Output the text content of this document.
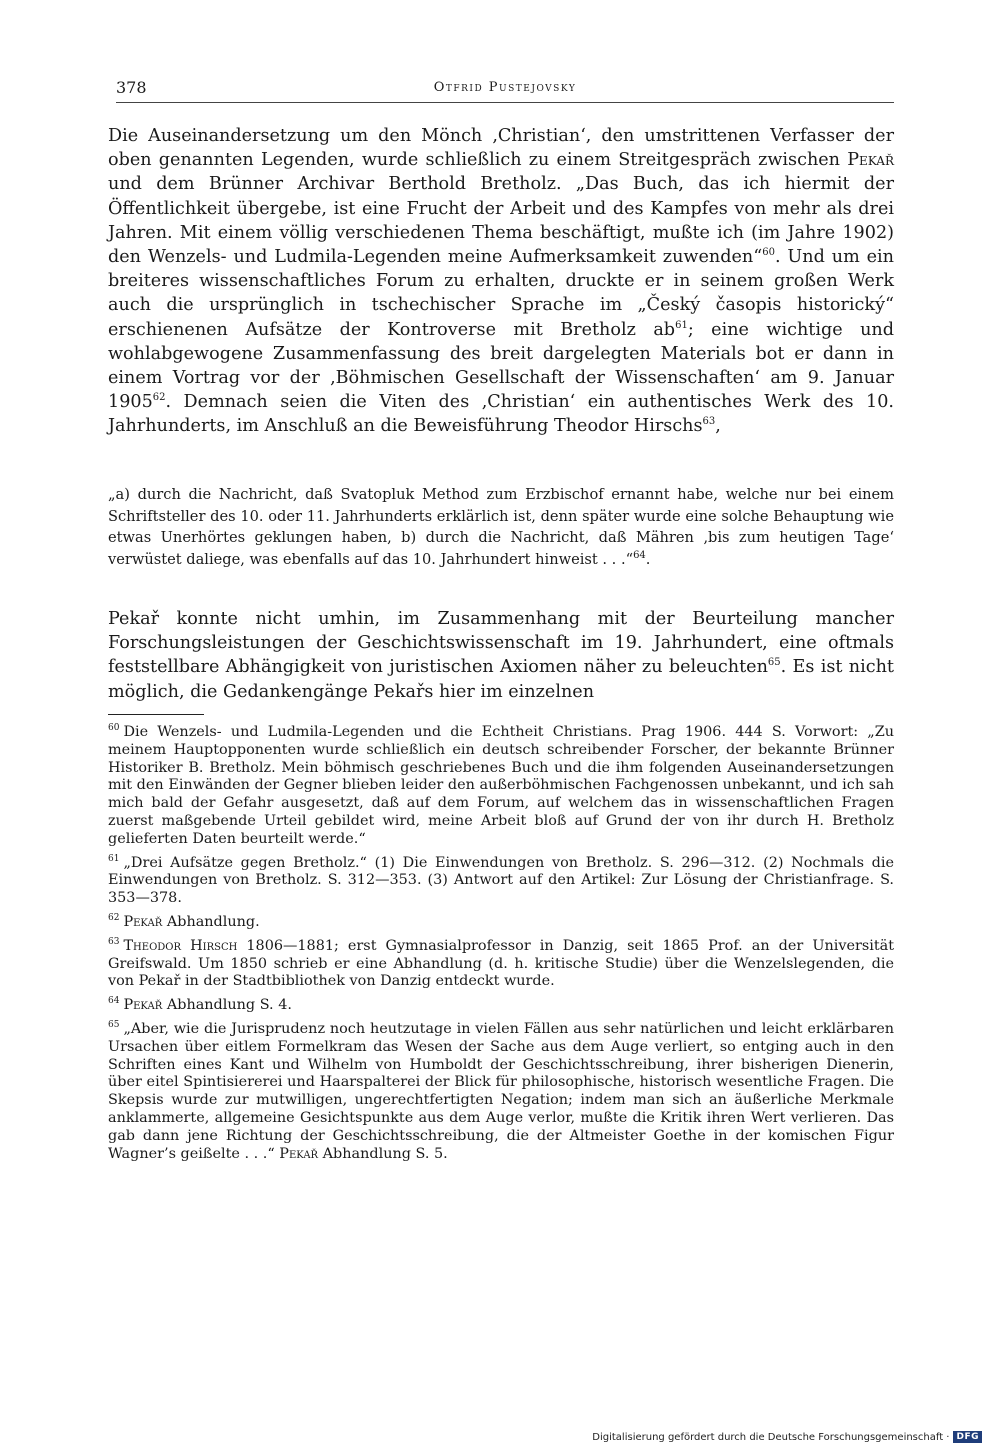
378	Otfrid Pustejovsky

Die Auseinandersetzung um den Mönch ‚Christian‘, den umstrittenen Verfasser der oben genannten Legenden, wurde schließlich zu einem Streitgespräch zwischen Pekař und dem Brünner Archivar Berthold Bretholz. „Das Buch, das ich hiermit der Öffentlichkeit übergebe, ist eine Frucht der Arbeit und des Kampfes von mehr als drei Jahren. Mit einem völlig verschiedenen Thema beschäftigt, mußte ich (im Jahre 1902) den Wenzels- und Ludmila-Legenden meine Aufmerksamkeit zuwenden“$^{60}$. Und um ein breiteres wissenschaftliches Forum zu erhalten, druckte er in seinem großen Werk auch die ursprünglich in tschechischer Sprache im „Český časopis historický“ erschienenen Aufsätze der Kontroverse mit Bretholz ab$^{61}$; eine wichtige und wohlabgewogene Zusammenfassung des breit dargelegten Materials bot er dann in einem Vortrag vor der ‚Böhmischen Gesellschaft der Wissenschaften‘ am 9. Januar 1905$^{62}$. Demnach seien die Viten des ‚Christian‘ ein authentisches Werk des 10. Jahrhunderts, im Anschluß an die Beweisführung Theodor Hirschs$^{63}$,

„a) durch die Nachricht, daß Svatopluk Method zum Erzbischof ernannt habe, welche nur bei einem Schriftsteller des 10. oder 11. Jahrhunderts erklärlich ist, denn später wurde eine solche Behauptung wie etwas Unerhörtes geklungen haben, b) durch die Nachricht, daß Mähren ‚bis zum heutigen Tage‘ verwüstet daliege, was ebenfalls auf das 10. Jahrhundert hinweist . . .“$^{64}$.
Pekař konnte nicht umhin, im Zusammenhang mit der Beurteilung mancher Forschungsleistungen der Geschichtswissenschaft im 19. Jahrhundert, eine oftmals feststellbare Abhängigkeit von juristischen Axiomen näher zu beleuchten$^{65}$. Es ist nicht möglich, die Gedankengänge Pekařs hier im einzelnen

$^{60}$ Die Wenzels- und Ludmila-Legenden und die Echtheit Christians. Prag 1906. 444 S. Vorwort: „Zu meinem Hauptopponenten wurde schließlich ein deutsch schreibender Forscher, der bekannte Brünner Historiker B. Bretholz. Mein böhmisch geschriebenes Buch und die ihm folgenden Auseinandersetzungen mit den Einwänden der Gegner blieben leider den außerböhmischen Fachgenossen unbekannt, und ich sah mich bald der Gefahr ausgesetzt, daß auf dem Forum, auf welchem das in wissenschaftlichen Fragen zuerst maßgebende Urteil gebildet wird, meine Arbeit bloß auf Grund der von ihr durch H. Bretholz gelieferten Daten beurteilt werde.“

$^{61}$ „Drei Aufsätze gegen Bretholz.“ (1) Die Einwendungen von Bretholz. S. 296—312. (2) Nochmals die Einwendungen von Bretholz. S. 312—353. (3) Antwort auf den Artikel: Zur Lösung der Christianfrage. S. 353—378.

$^{62}$ Pekař Abhandlung.

$^{63}$ Theodor Hirsch 1806—1881; erst Gymnasialprofessor in Danzig, seit 1865 Prof. an der Universität Greifswald. Um 1850 schrieb er eine Abhandlung (d. h. kritische Studie) über die Wenzelslegenden, die von Pekař in der Stadtbibliothek von Danzig entdeckt wurde.

$^{64}$ Pekař Abhandlung S. 4.

$^{65}$ „Aber, wie die Jurisprudenz noch heutzutage in vielen Fällen aus sehr natürlichen und leicht erklärbaren Ursachen über eitlem Formelkram das Wesen der Sache aus dem Auge verliert, so entging auch in den Schriften eines Kant und Wilhelm von Humboldt der Geschichtsschreibung, ihrer bisherigen Dienerin, über eitel Spintisiererei und Haarspalterei der Blick für philosophische, historisch wesentliche Fragen. Die Skepsis wurde zur mutwilligen, ungerechtfertigten Negation; indem man sich an äußerliche Merkmale anklammerte, allgemeine Gesichtspunkte aus dem Auge verlor, mußte die Kritik ihren Wert verlieren. Das gab dann jene Richtung der Geschichtsschreibung, die der Altmeister Goethe in der komischen Figur Wagner’s geißelte . . .“ Pekař Abhandlung S. 5.

Digitalisierung gefördert durch die Deutsche Forschungsgemeinschaft · DFG
